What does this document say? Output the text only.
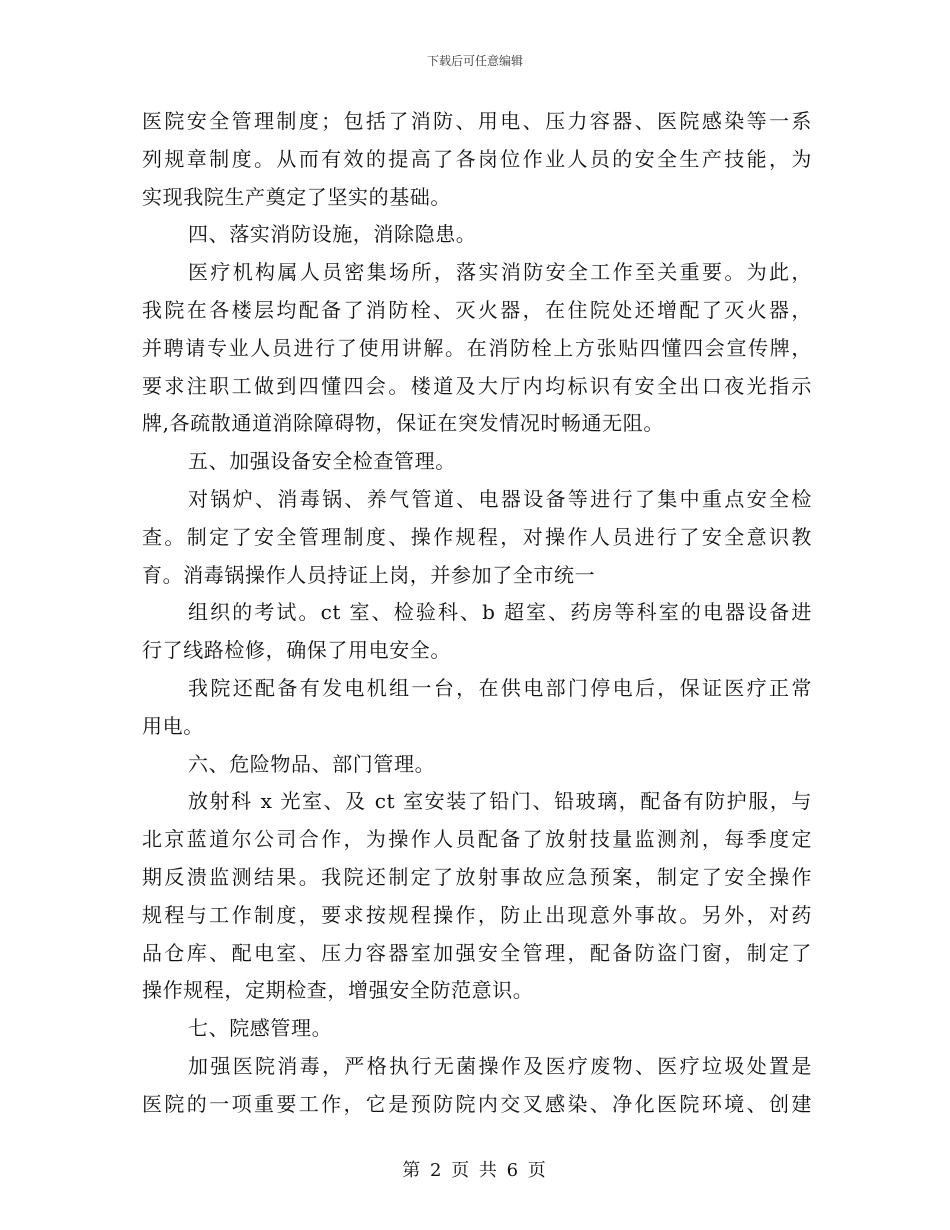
下载后可任意编辑
医院安全管理制度；包括了消防、用电、压力容器、医院感染等一系
列规章制度。从而有效的提高了各岗位作业人员的安全生产技能，为
实现我院生产奠定了坚实的基础。
四、落实消防设施，消除隐患。
医疗机构属人员密集场所，落实消防安全工作至关重要。为此，
我院在各楼层均配备了消防栓、灭火器，在住院处还增配了灭火器，
并聘请专业人员进行了使用讲解。在消防栓上方张贴四懂四会宣传牌，
要求注职工做到四懂四会。楼道及大厅内均标识有安全出口夜光指示
牌,各疏散通道消除障碍物，保证在突发情况时畅通无阻。
五、加强设备安全检查管理。
对锅炉、消毒锅、养气管道、电器设备等进行了集中重点安全检
查。制定了安全管理制度、操作规程，对操作人员进行了安全意识教
育。消毒锅操作人员持证上岗，并参加了全市统一
组织的考试。ct 室、检验科、b 超室、药房等科室的电器设备进
行了线路检修，确保了用电安全。
我院还配备有发电机组一台，在供电部门停电后，保证医疗正常
用电。
六、危险物品、部门管理。
放射科 x 光室、及 ct 室安装了铅门、铅玻璃，配备有防护服，与
北京蓝道尔公司合作，为操作人员配备了放射技量监测剂，每季度定
期反溃监测结果。我院还制定了放射事故应急预案，制定了安全操作
规程与工作制度，要求按规程操作，防止出现意外事故。另外，对药
品仓库、配电室、压力容器室加强安全管理，配备防盗门窗，制定了
操作规程，定期检查，增强安全防范意识。
七、院感管理。
加强医院消毒，严格执行无菌操作及医疗废物、医疗垃圾处置是
医院的一项重要工作，它是预防院内交叉感染、净化医院环境、创建
第 2 页 共 6 页
